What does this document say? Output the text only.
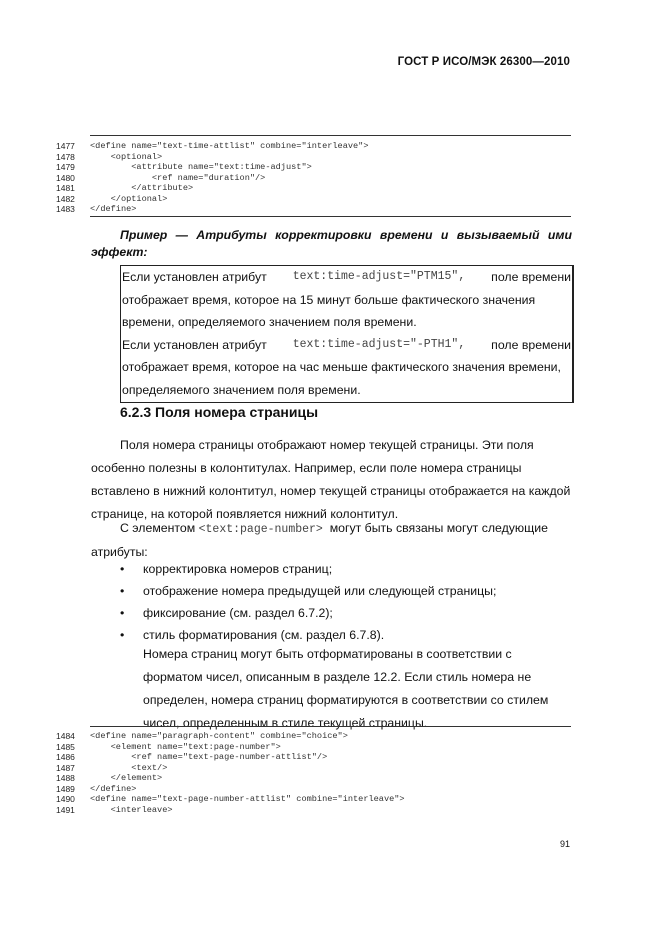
ГОСТ Р ИСО/МЭК 26300—2010
1477	<define name="text-time-attlist" combine="interleave">
1478	<optional>
1479	<attribute name="text:time-adjust">
1480	<ref name="duration"/>
1481	</attribute>
1482	</optional>
1483	</define>
Пример — Атрибуты корректировки времени и вызываемый ими
эффект:
Если установлен атрибут text:time-adjust="PTM15", поле времени
отображает время, которое на 15 минут больше фактического значения
времени, определяемого значением поля времени.
Если установлен атрибут text:time-adjust="-PTH1", поле времени
отображает время, которое на час меньше фактического значения времени,
определяемого значением поля времени.
6.2.3 Поля номера страницы
Поля номера страницы отображают номер текущей страницы. Эти поля
особенно полезны в колонтитулах. Например, если поле номера страницы
вставлено в нижний колонтитул, номер текущей страницы отображается на каждой
странице, на которой появляется нижний колонтитул.
С элементом <text:page-number> могут быть связаны могут следующие
атрибуты:
• корректировка номеров страниц;
• отображение номера предыдущей или следующей страницы;
• фиксирование (см. раздел 6.7.2);
• стиль форматирования (см. раздел 6.7.8).
Номера страниц могут быть отформатированы в соответствии с
форматом чисел, описанным в разделе 12.2. Если стиль номера не
определен, номера страниц форматируются в соответствии со стилем
чисел, определенным в стиле текущей страницы.
1484	<define name="paragraph-content" combine="choice">
1485	<element name="text:page-number">
1486	<ref name="text-page-number-attlist"/>
1487	<text/>
1488	</element>
1489	</define>
1490	<define name="text-page-number-attlist" combine="interleave">
1491	<interleave>
91
